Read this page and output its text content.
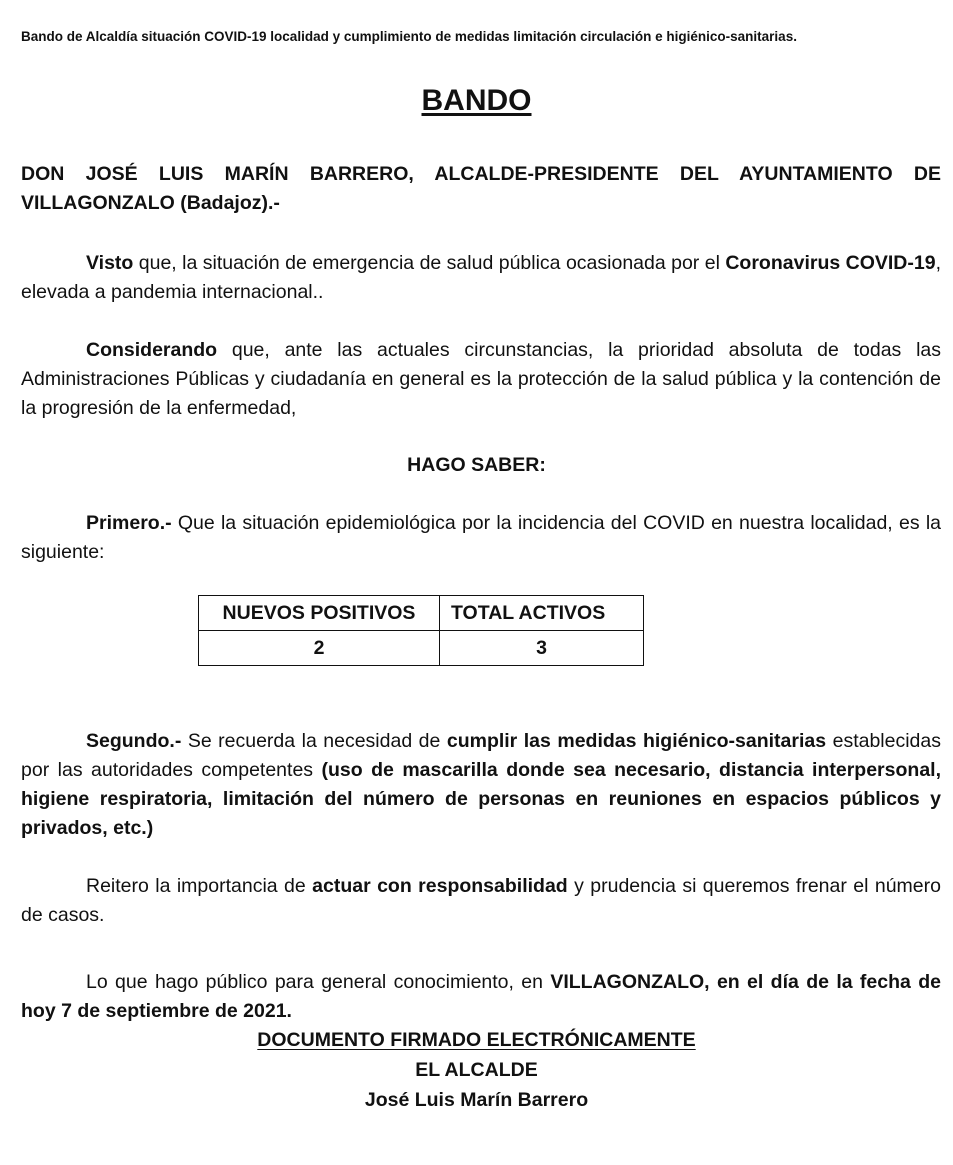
Bando de Alcaldía situación COVID-19 localidad y cumplimiento de medidas limitación circulación e higiénico-sanitarias.
BANDO
DON JOSÉ LUIS MARÍN BARRERO, ALCALDE-PRESIDENTE DEL AYUNTAMIENTO DE VILLAGONZALO (Badajoz).-
Visto que, la situación de emergencia de salud pública ocasionada por el Coronavirus COVID-19, elevada a pandemia internacional..
Considerando que, ante las actuales circunstancias, la prioridad absoluta de todas las Administraciones Públicas y ciudadanía en general es la protección de la salud pública y la contención de la progresión de la enfermedad,
HAGO SABER:
Primero.- Que la situación epidemiológica por la incidencia del COVID en nuestra localidad, es la siguiente:
NUEVOS POSITIVOS	TOTAL ACTIVOS
2	3
Segundo.- Se recuerda la necesidad de cumplir las medidas higiénico-sanitarias establecidas por las autoridades competentes (uso de mascarilla donde sea necesario, distancia interpersonal, higiene respiratoria, limitación del número de personas en reuniones en espacios públicos y privados, etc.)
Reitero la importancia de actuar con responsabilidad y prudencia si queremos frenar el número de casos.
Lo que hago público para general conocimiento, en VILLAGONZALO, en el día de la fecha de hoy 7 de septiembre de 2021.
DOCUMENTO FIRMADO ELECTRÓNICAMENTE
EL ALCALDE
José Luis Marín Barrero
